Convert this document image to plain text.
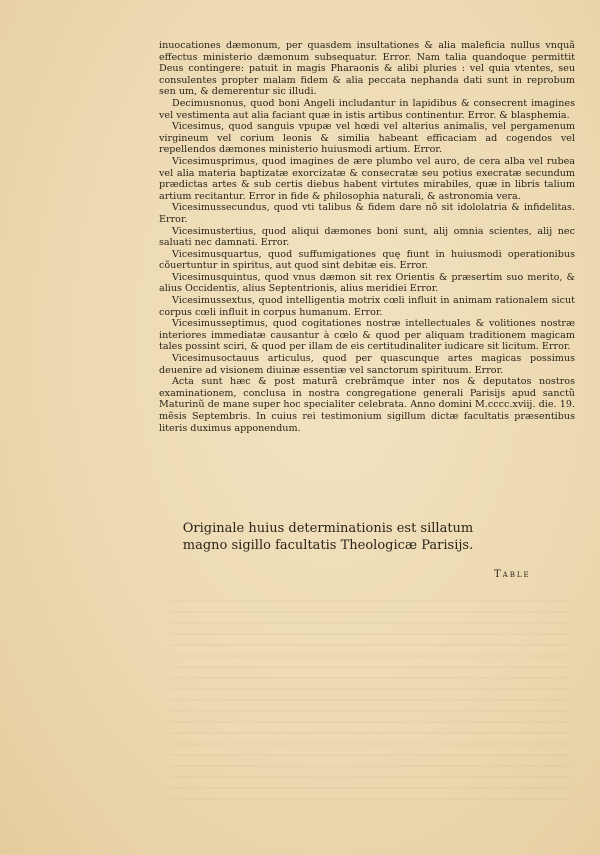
inuocationes dæmonum, per quasdem insultationes & alia maleficia nullus vnquã effectus ministerio dæmonum subsequatur. Error. Nam talia quandoque permittit Deus contingere: patuit in magis Pharaonis & alibi pluries : vel quia vtentes, seu consulentes propter malam fidem & alia peccata nephanda dati sunt in reprobum sen um, & demerentur sic illudi.

Decimusnonus, quod boni Angeli includantur in lapidibus & consecrent imagines vel vestimenta aut alia faciant quæ in istis artibus continentur. Error. & blasphemia.

Vicesimus, quod sanguis vpupæ vel hœdi vel alterius animalis, vel pergamenum virgineum vel corium leonis & similia habeant efficaciam ad cogendos vel repellendos dæmones ministerio huiusmodi artium. Error.

Vicesimusprimus, quod imagines de ære plumbo vel auro, de cera alba vel rubea vel alia materia baptizatæ exorcizatæ & consecratæ seu potius execratæ secundum prædictas artes & sub certis diebus habent virtutes mirabiles, quæ in libris talium artium recitantur. Error in fide & philosophia naturali, & astronomia vera.

Vicesimussecundus, quod vti talibus & fidem dare nõ sit idololatria & infidelitas. Error.

Vicesimustertius, quod aliqui dæmones boni sunt, alij omnia scientes, alij nec saluati nec damnati. Error.

Vicesimusquartus, quod suffumigationes quę fiunt in huiusmodi operationibus cõuertuntur in spiritus, aut quod sint debitæ eis. Error.

Vicesimusquintus, quod vnus dæmon sit rex Orientis & præsertim suo merito, & alius Occidentis, alius Septentrionis, alius meridiei Error.

Vicesimussextus, quod intelligentia motrix cœli influit in animam rationalem sicut corpus cœli influit in corpus humanum. Error.

Vicesimusseptimus, quod cogitationes nostræ intellectuales & volitiones nostræ interiores immediatæ causantur à cœlo & quod per aliquam traditionem magicam tales possint sciri, & quod per illam de eis certitudinaliter iudicare sit licitum. Error.

Vicesimusoctauus articulus, quod per quascunque artes magicas possimus deuenire ad visionem diuinæ essentiæ vel sanctorum spirituum. Error.

Acta sunt hæc & post maturã crebrãmque inter nos & deputatos nostros examinationem, conclusa in nostra congregatione generali Parisijs apud sanctũ Maturinũ de mane super hoc specialiter celebrata. Anno domini M.cccc.xviij. die. 19. mẽsis Septembris. In cuius rei testimonium sigillum dictæ facultatis præsentibus literis duximus apponendum.

Originale huius determinationis est sillatum magno sigillo facultatis Theologicæ Parisijs.
Table
